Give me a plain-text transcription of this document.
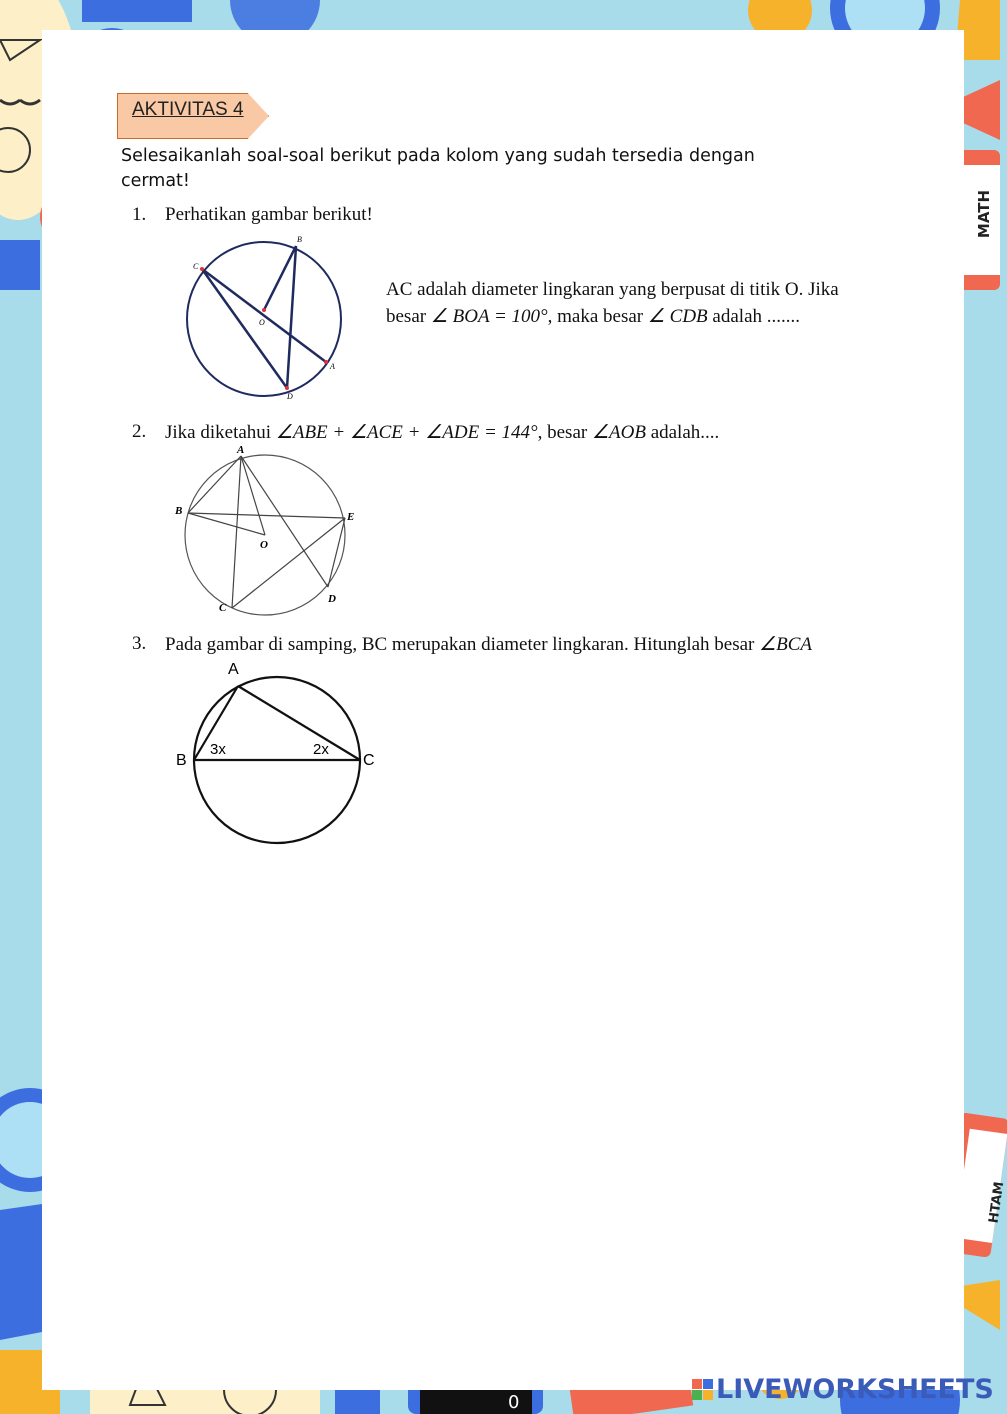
MATH
HTAM
0
AKTIVITAS 4
Selesaikanlah soal-soal berikut pada kolom yang sudah tersedia dengan cermat!
1. Perhatikan gambar berikut!
B
C
O
A
D
AC adalah diameter lingkaran yang berpusat di titik O. Jika
besar ∠ BOA = 100°, maka besar ∠ CDB adalah .......
2. Jika diketahui ∠ABE + ∠ACE + ∠ADE = 144°, besar ∠AOB adalah....
A
B	E
O
C
D
3. Pada gambar di samping, BC merupakan diameter lingkaran. Hitunglah besar ∠BCA
A
B	C
3x	2x
LIVEWORKSHEETS
